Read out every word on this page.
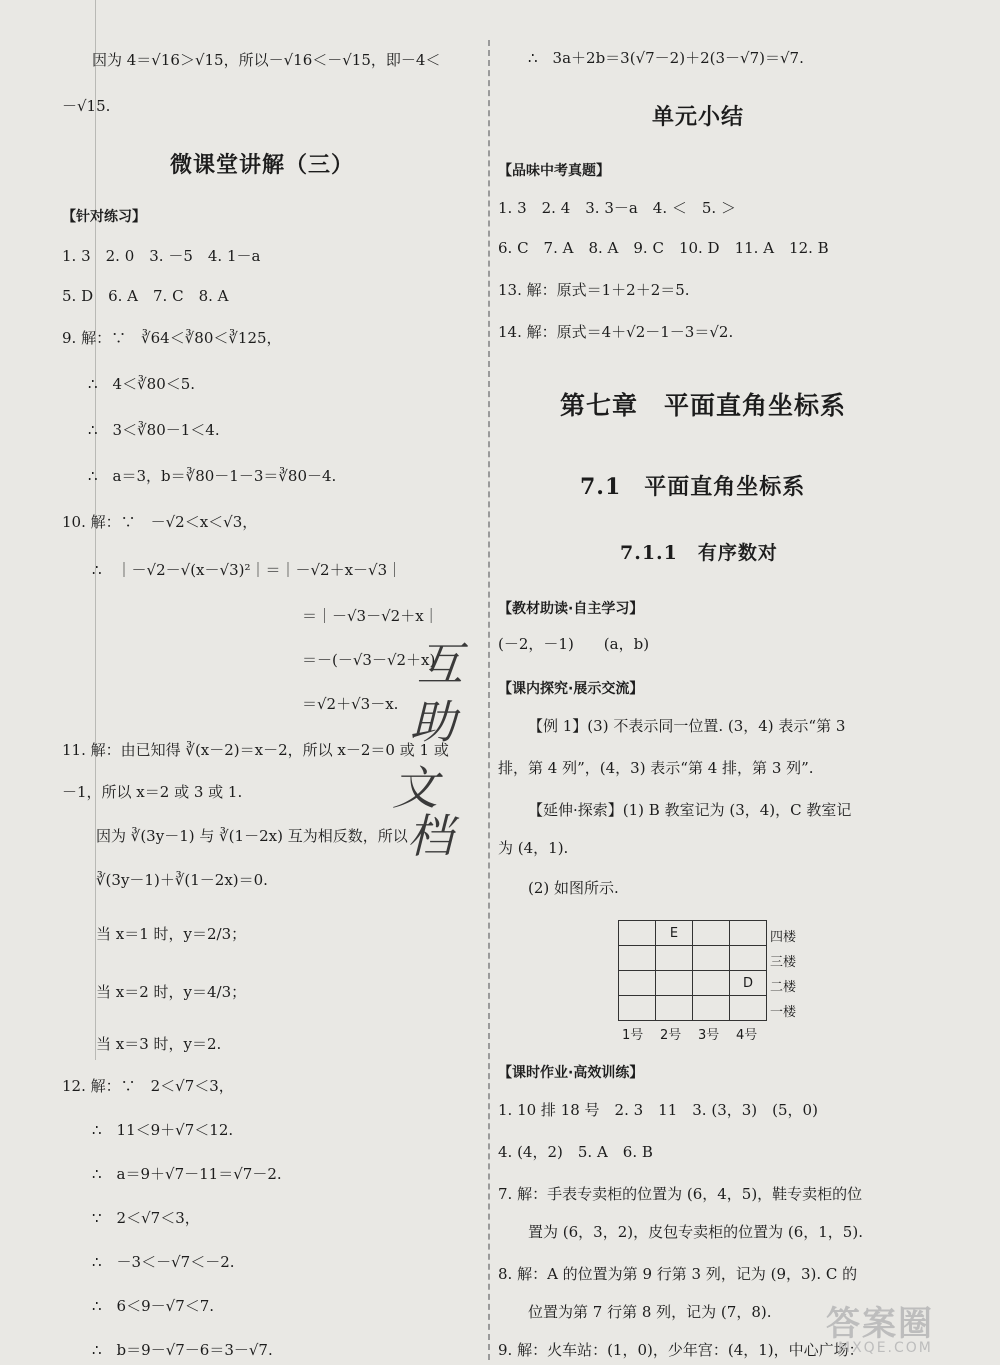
因为 4＝√16＞√15，所以－√16＜－√15，即－4＜
－√15.
微课堂讲解（三）
【针对练习】
1. 3　2. 0　3. －5　4. 1－a
5. D　6. A　7. C　8. A
9. 解：∵　∛64＜∛80＜∛125，
∴　4＜∛80＜5.
∴　3＜∛80－1＜4.
∴　a＝3，b＝∛80－1－3＝∛80－4.
10. 解：∵　－√2＜x＜√3，
∴　｜－√2－√(x－√3)²｜＝｜－√2＋x－√3｜
＝｜－√3－√2＋x｜
＝－(－√3－√2＋x)
＝√2＋√3－x.
11. 解：由已知得 ∛(x－2)＝x－2，所以 x－2＝0 或 1 或
－1，所以 x＝2 或 3 或 1.
因为 ∛(3y－1) 与 ∛(1－2x) 互为相反数，所以
∛(3y－1)＋∛(1－2x)＝0.
当 x＝1 时，y＝2/3；
当 x＝2 时，y＝4/3；
当 x＝3 时，y＝2.
12. 解：∵　2＜√7＜3，
∴　11＜9＋√7＜12.
∴　a＝9＋√7－11＝√7－2.
∵　2＜√7＜3，
∴　－3＜－√7＜－2.
∴　6＜9－√7＜7.
∴　b＝9－√7－6＝3－√7.
互
助
文
档
∴　3a＋2b＝3(√7－2)＋2(3－√7)＝√7.
单元小结
【品味中考真题】
1. 3　2. 4　3. 3－a　4. ＜　5. ＞
6. C　7. A　8. A　9. C　10. D　11. A　12. B
13. 解：原式＝1＋2＋2＝5.
14. 解：原式＝4＋√2－1－3＝√2.
第七章　平面直角坐标系
7.1　平面直角坐标系
7.1.1　有序数对
【教材助读·自主学习】
(－2，－1)　　(a，b)
【课内探究·展示交流】
【例 1】(3) 不表示同一位置. (3，4) 表示“第 3
排，第 4 列”，(4，3) 表示“第 4 排，第 3 列”.
【延伸·探索】(1) B 教室记为 (3，4)，C 教室记
为 (4，1).
(2) 如图所示.
	E		

			D

四楼
三楼
二楼
一楼
1号 2号 3号 4号
【课时作业·高效训练】
1. 10 排 18 号　2. 3　11　3. (3，3)　(5，0)
4. (4，2)　5. A　6. B
7. 解：手表专卖柜的位置为 (6，4，5)，鞋专卖柜的位
置为 (6，3，2)，皮包专卖柜的位置为 (6，1，5).
8. 解：A 的位置为第 9 行第 3 列，记为 (9，3). C 的
位置为第 7 行第 8 列，记为 (7，8).
9. 解：火车站：(1，0)，少年宫：(4，1)，中心广场：
答案圈
MXQE.COM
